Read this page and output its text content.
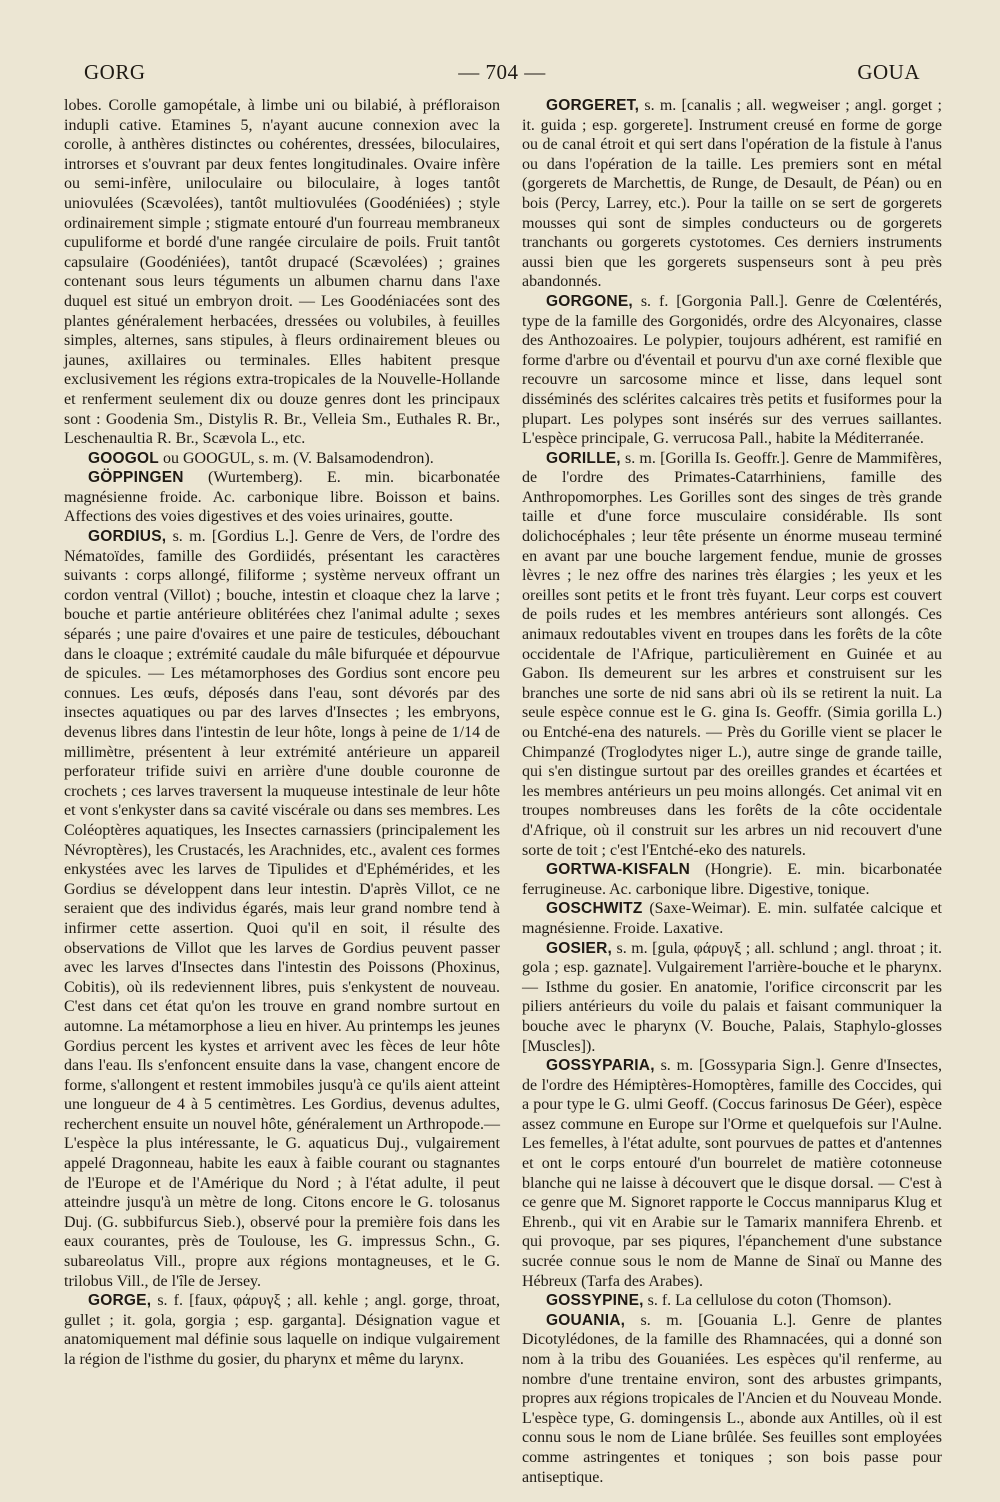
GORG	— 704 —	GOUA

lobes. Corolle gamopétale, à limbe uni ou bilabié, à préfloraison indupli cative. Etamines 5, n'ayant aucune connexion avec la corolle, à anthères distinctes ou cohérentes, dressées, biloculaires, introrses et s'ouvrant par deux fentes longitudinales. Ovaire infère ou semi-infère, uniloculaire ou biloculaire, à loges tantôt uniovulées (Scævolées), tantôt multiovulées (Goodéniées) ; style ordinairement simple ; stigmate entouré d'un fourreau membraneux cupuliforme et bordé d'une rangée circulaire de poils. Fruit tantôt capsulaire (Goodéniées), tantôt drupacé (Scævolées) ; graines contenant sous leurs téguments un albumen charnu dans l'axe duquel est situé un embryon droit. — Les Goodéniacées sont des plantes généralement herbacées, dressées ou volubiles, à feuilles simples, alternes, sans stipules, à fleurs ordinairement bleues ou jaunes, axillaires ou terminales. Elles habitent presque exclusivement les régions extra-tropicales de la Nouvelle-Hollande et renferment seulement dix ou douze genres dont les principaux sont : Goodenia Sm., Distylis R. Br., Velleia Sm., Euthales R. Br., Leschenaultia R. Br., Scævola L., etc.

GOOGOL ou GOOGUL, s. m. (V. Balsamodendron).

GÖPPINGEN (Wurtemberg). E. min. bicarbonatée magnésienne froide. Ac. carbonique libre. Boisson et bains. Affections des voies digestives et des voies urinaires, goutte.

GORDIUS, s. m. [Gordius L.]. Genre de Vers, de l'ordre des Nématoïdes, famille des Gordiidés, présentant les caractères suivants : corps allongé, filiforme ; système nerveux offrant un cordon ventral (Villot) ; bouche, intestin et cloaque chez la larve ; bouche et partie antérieure oblitérées chez l'animal adulte ; sexes séparés ; une paire d'ovaires et une paire de testicules, débouchant dans le cloaque ; extrémité caudale du mâle bifurquée et dépourvue de spicules. — Les métamorphoses des Gordius sont encore peu connues. Les œufs, déposés dans l'eau, sont dévorés par des insectes aquatiques ou par des larves d'Insectes ; les embryons, devenus libres dans l'intestin de leur hôte, longs à peine de 1/14 de millimètre, présentent à leur extrémité antérieure un appareil perforateur trifide suivi en arrière d'une double couronne de crochets ; ces larves traversent la muqueuse intestinale de leur hôte et vont s'enkyster dans sa cavité viscérale ou dans ses membres. Les Coléoptères aquatiques, les Insectes carnassiers (principalement les Névroptères), les Crustacés, les Arachnides, etc., avalent ces formes enkystées avec les larves de Tipulides et d'Ephémérides, et les Gordius se développent dans leur intestin. D'après Villot, ce ne seraient que des individus égarés, mais leur grand nombre tend à infirmer cette assertion. Quoi qu'il en soit, il résulte des observations de Villot que les larves de Gordius peuvent passer avec les larves d'Insectes dans l'intestin des Poissons (Phoxinus, Cobitis), où ils redeviennent libres, puis s'enkystent de nouveau. C'est dans cet état qu'on les trouve en grand nombre surtout en automne. La métamorphose a lieu en hiver. Au printemps les jeunes Gordius percent les kystes et arrivent avec les fèces de leur hôte dans l'eau. Ils s'enfoncent ensuite dans la vase, changent encore de forme, s'allongent et restent immobiles jusqu'à ce qu'ils aient atteint une longueur de 4 à 5 centimètres. Les Gordius, devenus adultes, recherchent ensuite un nouvel hôte, généralement un Arthropode.— L'espèce la plus intéressante, le G. aquaticus Duj., vulgairement appelé Dragonneau, habite les eaux à faible courant ou stagnantes de l'Europe et de l'Amérique du Nord ; à l'état adulte, il peut atteindre jusqu'à un mètre de long. Citons encore le G. tolosanus Duj. (G. subbifurcus Sieb.), observé pour la première fois dans les eaux courantes, près de Toulouse, les G. impressus Schn., G. subareolatus Vill., propre aux régions montagneuses, et le G. trilobus Vill., de l'île de Jersey.

GORGE, s. f. [faux, φάρυγξ ; all. kehle ; angl. gorge, throat, gullet ; it. gola, gorgia ; esp. garganta]. Désignation vague et anatomiquement mal définie sous laquelle on indique vulgairement la région de l'isthme du gosier, du pharynx et même du larynx.

GORGERET, s. m. [canalis ; all. wegweiser ; angl. gorget ; it. guida ; esp. gorgerete]. Instrument creusé en forme de gorge ou de canal étroit et qui sert dans l'opération de la fistule à l'anus ou dans l'opération de la taille. Les premiers sont en métal (gorgerets de Marchettis, de Runge, de Desault, de Péan) ou en bois (Percy, Larrey, etc.). Pour la taille on se sert de gorgerets mousses qui sont de simples conducteurs ou de gorgerets tranchants ou gorgerets cystotomes. Ces derniers instruments aussi bien que les gorgerets suspenseurs sont à peu près abandonnés.

GORGONE, s. f. [Gorgonia Pall.]. Genre de Cœlentérés, type de la famille des Gorgonidés, ordre des Alcyonaires, classe des Anthozoaires. Le polypier, toujours adhérent, est ramifié en forme d'arbre ou d'éventail et pourvu d'un axe corné flexible que recouvre un sarcosome mince et lisse, dans lequel sont disséminés des sclérites calcaires très petits et fusiformes pour la plupart. Les polypes sont insérés sur des verrues saillantes. L'espèce principale, G. verrucosa Pall., habite la Méditerranée.

GORILLE, s. m. [Gorilla Is. Geoffr.]. Genre de Mammifères, de l'ordre des Primates-Catarrhiniens, famille des Anthropomorphes. Les Gorilles sont des singes de très grande taille et d'une force musculaire considérable. Ils sont dolichocéphales ; leur tête présente un énorme museau terminé en avant par une bouche largement fendue, munie de grosses lèvres ; le nez offre des narines très élargies ; les yeux et les oreilles sont petits et le front très fuyant. Leur corps est couvert de poils rudes et les membres antérieurs sont allongés. Ces animaux redoutables vivent en troupes dans les forêts de la côte occidentale de l'Afrique, particulièrement en Guinée et au Gabon. Ils demeurent sur les arbres et construisent sur les branches une sorte de nid sans abri où ils se retirent la nuit. La seule espèce connue est le G. gina Is. Geoffr. (Simia gorilla L.) ou Entché-ena des naturels. — Près du Gorille vient se placer le Chimpanzé (Troglodytes niger L.), autre singe de grande taille, qui s'en distingue surtout par des oreilles grandes et écartées et les membres antérieurs un peu moins allongés. Cet animal vit en troupes nombreuses dans les forêts de la côte occidentale d'Afrique, où il construit sur les arbres un nid recouvert d'une sorte de toit ; c'est l'Entché-eko des naturels.

GORTWA-KISFALN (Hongrie). E. min. bicarbonatée ferrugineuse. Ac. carbonique libre. Digestive, tonique.

GOSCHWITZ (Saxe-Weimar). E. min. sulfatée calcique et magnésienne. Froide. Laxative.

GOSIER, s. m. [gula, φάρυγξ ; all. schlund ; angl. throat ; it. gola ; esp. gaznate]. Vulgairement l'arrière-bouche et le pharynx. — Isthme du gosier. En anatomie, l'orifice circonscrit par les piliers antérieurs du voile du palais et faisant communiquer la bouche avec le pharynx (V. Bouche, Palais, Staphylo-glosses [Muscles]).

GOSSYPARIA, s. m. [Gossyparia Sign.]. Genre d'Insectes, de l'ordre des Hémiptères-Homoptères, famille des Coccides, qui a pour type le G. ulmi Geoff. (Coccus farinosus De Géer), espèce assez commune en Europe sur l'Orme et quelquefois sur l'Aulne. Les femelles, à l'état adulte, sont pourvues de pattes et d'antennes et ont le corps entouré d'un bourrelet de matière cotonneuse blanche qui ne laisse à découvert que le disque dorsal. — C'est à ce genre que M. Signoret rapporte le Coccus manniparus Klug et Ehrenb., qui vit en Arabie sur le Tamarix mannifera Ehrenb. et qui provoque, par ses piqures, l'épanchement d'une substance sucrée connue sous le nom de Manne de Sinaï ou Manne des Hébreux (Tarfa des Arabes).

GOSSYPINE, s. f. La cellulose du coton (Thomson).

GOUANIA, s. m. [Gouania L.]. Genre de plantes Dicotylédones, de la famille des Rhamnacées, qui a donné son nom à la tribu des Gouaniées. Les espèces qu'il renferme, au nombre d'une trentaine environ, sont des arbustes grimpants, propres aux régions tropicales de l'Ancien et du Nouveau Monde. L'espèce type, G. domingensis L., abonde aux Antilles, où il est connu sous le nom de Liane brûlée. Ses feuilles sont employées comme astringentes et toniques ; son bois passe pour antiseptique.
